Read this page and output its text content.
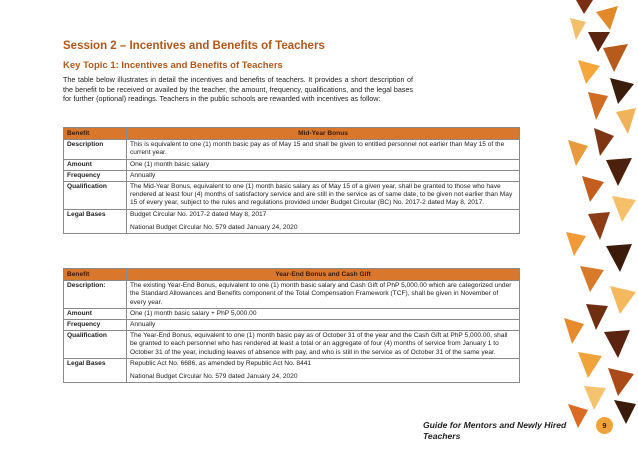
Session 2 – Incentives and Benefits of Teachers
Key Topic 1: Incentives and Benefits of Teachers
The table below illustrates in detail the incentives and benefits of teachers. It provides a short description of the benefit to be received or availed by the teacher, the amount, frequency, qualifications, and the legal bases for further (optional) readings. Teachers in the public schools are rewarded with incentives as follow:
Benefit	Mid-Year Bonus
Description	This is equivalent to one (1) month basic pay as of May 15 and shall be given to entitled personnel not earlier than May 15 of the current year.
Amount	One (1) month basic salary
Frequency	Annually
Qualification	The Mid-Year Bonus, equivalent to one (1) month basic salary as of May 15 of a given year, shall be granted to those who have rendered at least four (4) months of satisfactory service and are still in the service as of same date, to be given not earlier than May 15 of every year, subject to the rules and regulations provided under Budget Circular (BC) No. 2017-2 dated May 8, 2017.
Legal Bases	Budget Circular No. 2017-2 dated May 8, 2017
National Budget Circular No. 579 dated January 24, 2020
Benefit	Year-End Bonus and Cash Gift
Description:	The existing Year-End Bonus, equivalent to one (1) month basic salary and Cash Gift of PhP 5,000.00 which are categorized under the Standard Allowances and Benefits component of the Total Compensation Framework (TCF), shall be given in November of every year.
Amount	One (1) month basic salary + PhP 5,000.00
Frequency	Annually
Qualification	The Year-End Bonus, equivalent to one (1) month basic pay as of October 31 of the year and the Cash Gift at PhP 5,000.00, shall be granted to each personnel who has rendered at least a total or an aggregate of four (4) months of service from January 1 to October 31 of the year, including leaves of absence with pay, and who is still in the service as of October 31 of the same year.
Legal Bases	Republic Act No. 6686, as amended by Republic Act No. 8441
National Budget Circular No. 579 dated January 24, 2020
Guide for Mentors and Newly Hired Teachers
9
